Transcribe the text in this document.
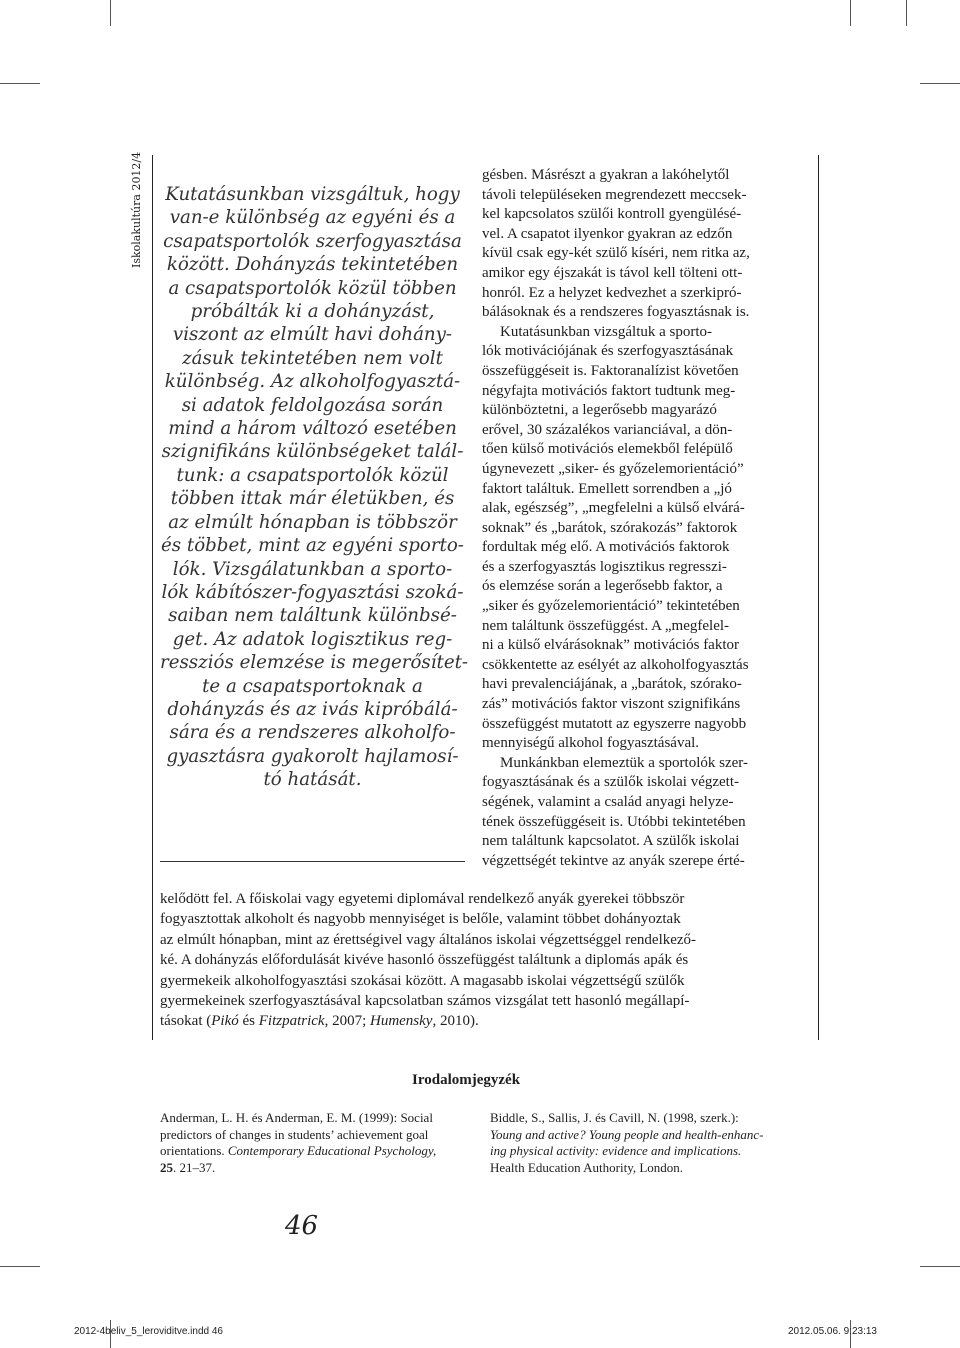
Iskolakultúra 2012/4 Kutatásunkban vizsgáltuk, hogy
van-e különbség az egyéni és a
csapatsportolók szerfogyasztása
között. Dohányzás tekintetében
a csapatsportolók közül többen
próbálták ki a dohányzást,
viszont az elmúlt havi dohány-
zásuk tekintetében nem volt
különbség. Az alkoholfogyasztá-
si adatok feldolgozása során
mind a három változó esetében
szignifikáns különbségeket talál-
tunk: a csapatsportolók közül
többen ittak már életükben, és
az elmúlt hónapban is többször
és többet, mint az egyéni sporto-
lók. Vizsgálatunkban a sporto-
lók kábítószer-fogyasztási szoká-
saiban nem találtunk különbsé-
get. Az adatok logisztikus reg-
ressziós elemzése is megerősítet-
te a csapatsportoknak a
dohányzás és az ivás kipróbálá-
sára és a rendszeres alkoholfo-
gyasztásra gyakorolt hajlamosí-
tó hatását.
gésben. Másrészt a gyakran a lakóhelytől
távoli településeken megrendezett meccsek-
kel kapcsolatos szülői kontroll gyengülésé-
vel. A csapatot ilyenkor gyakran az edzőn
kívül csak egy-két szülő kíséri, nem ritka az,
amikor egy éjszakát is távol kell tölteni ott-
honról. Ez a helyzet kedvezhet a szerkipró-
bálásoknak és a rendszeres fogyasztásnak is.
Kutatásunkban vizsgáltuk a sporto-
lók motivációjának és szerfogyasztásának
összefüggéseit is. Faktoranalízist követően
négyfajta motivációs faktort tudtunk meg-
különböztetni, a legerősebb magyarázó
erővel, 30 százalékos varianciával, a dön-
tően külső motivációs elemekből felépülő
úgynevezett „siker- és győzelemorientáció”
faktort találtuk. Emellett sorrendben a „jó
alak, egészség”, „megfelelni a külső elvárá-
soknak” és „barátok, szórakozás” faktorok
fordultak még elő. A motivációs faktorok
és a szerfogyasztás logisztikus regresszi-
ós elemzése során a legerősebb faktor, a
„siker és győzelemorientáció” tekintetében
nem találtunk összefüggést. A „megfelel-
ni a külső elvárásoknak” motivációs faktor
csökkentette az esélyét az alkoholfogyasztás
havi prevalenciájának, a „barátok, szórako-
zás” motivációs faktor viszont szignifikáns
összefüggést mutatott az egyszerre nagyobb
mennyiségű alkohol fogyasztásával.
Munkánkban elemeztük a sportolók szer-
fogyasztásának és a szülők iskolai végzett-
ségének, valamint a család anyagi helyze-
tének összefüggéseit is. Utóbbi tekintetében
nem találtunk kapcsolatot. A szülők iskolai
végzettségét tekintve az anyák szerepe érté-
kelődött fel. A főiskolai vagy egyetemi diplomával rendelkező anyák gyerekei többször
fogyasztottak alkoholt és nagyobb mennyiséget is belőle, valamint többet dohányoztak
az elmúlt hónapban, mint az érettségivel vagy általános iskolai végzettséggel rendelkező-
ké. A dohányzás előfordulását kivéve hasonló összefüggést találtunk a diplomás apák és
gyermekeik alkoholfogyasztási szokásai között. A magasabb iskolai végzettségű szülők
gyermekeinek szerfogyasztásával kapcsolatban számos vizsgálat tett hasonló megállapí-
tásokat (Pikó és Fitzpatrick, 2007; Humensky, 2010).
Irodalomjegyzék
Anderman, L. H. és Anderman, E. M. (1999): Social
predictors of changes in students’ achievement goal
orientations. Contemporary Educational Psychology,
25. 21–37.
Biddle, S., Sallis, J. és Cavill, N. (1998, szerk.):
Young and active? Young people and health-enhanc-
ing physical activity: evidence and implications.
Health Education Authority, London.
46
2012-4beliv_5_leroviditve.indd 46	2012.05.06. 9:23:13
